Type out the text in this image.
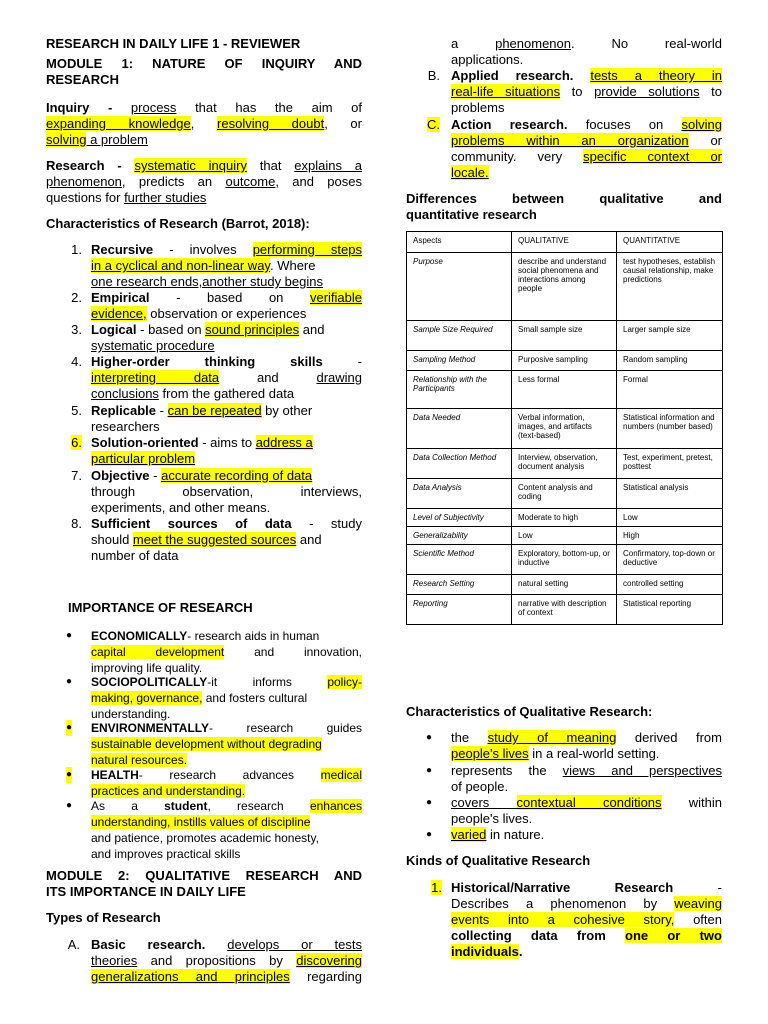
RESEARCH IN DAILY LIFE 1 - REVIEWER
MODULE 1: NATURE OF INQUIRY AND
RESEARCH
Inquiry - process that has the aim of
expanding knowledge, resolving doubt, or
solving a problem
Research - systematic inquiry that explains a
phenomenon, predicts an outcome, and poses
questions for further studies
Characteristics of Research (Barrot, 2018):
1. Recursive - involves performing steps
in a cyclical and non-linear way. Where
one research ends,another study begins
2. Empirical - based on verifiable
evidence, observation or experiences
3. Logical - based on sound principles and
systematic procedure
4. Higher-order thinking skills -
interpreting data and drawing
conclusions from the gathered data
5. Replicable - can be repeated by other
researchers
6. Solution-oriented - aims to address a
particular problem
7. Objective - accurate recording of data
through observation, interviews,
experiments, and other means.
8. Sufficient sources of data - study
should meet the suggested sources and
number of data
IMPORTANCE OF RESEARCH
● ECONOMICALLY- research aids in human
capital development and innovation,
improving life quality.
● SOCIOPOLITICALLY-it informs policy-
making, governance, and fosters cultural
understanding.
● ENVIRONMENTALLY- research guides
sustainable development without degrading
natural resources.
● HEALTH- research advances medical
practices and understanding.
● As a student, research enhances
understanding, instills values of discipline
and patience, promotes academic honesty,
and improves practical skills
MODULE 2: QUALITATIVE RESEARCH AND
ITS IMPORTANCE IN DAILY LIFE
Types of Research
A. Basic research. develops or tests
theories and propositions by discovering
generalizations and principles regarding
a phenomenon. No real-world
applications.
B. Applied research. tests a theory in
real-life situations to provide solutions to
problems
C. Action research. focuses on solving
problems within an organization or
community. very specific context or
locale.
Differences between qualitative and
quantitative research
Aspects	QUALITATIVE	QUANTITATIVE
Purpose	describe and understand social phenomena and interactions among people	test hypotheses, establish causal relationship, make predictions
Sample Size Required	Small sample size	Larger sample size
Sampling Method	Purposive sampling	Random sampling
Relationship with the Participants	Less formal	Formal
Data Needed	Verbal information, images, and artifacts (text-based)	Statistical information and numbers (number based)
Data Collection Method	Interview, observation, document analysis	Test, experiment, pretest, posttest
Data Analysis	Content analysis and coding	Statistical analysis
Level of Subjectivity	Moderate to high	Low
Generalizability	Low	High
Scientific Method	Exploratory, bottom-up, or inductive	Confirmatory, top-down or deductive
Research Setting	natural setting	controlled setting
Reporting	narrative with description of context	Statistical reporting
Characteristics of Qualitative Research:
● the study of meaning derived from
people's lives in a real-world setting.
● represents the views and perspectives
of people.
● covers contextual conditions within
people's lives.
● varied in nature.
Kinds of Qualitative Research
1. Historical/Narrative Research -
Describes a phenomenon by weaving
events into a cohesive story, often
collecting data from one or two
individuals.
